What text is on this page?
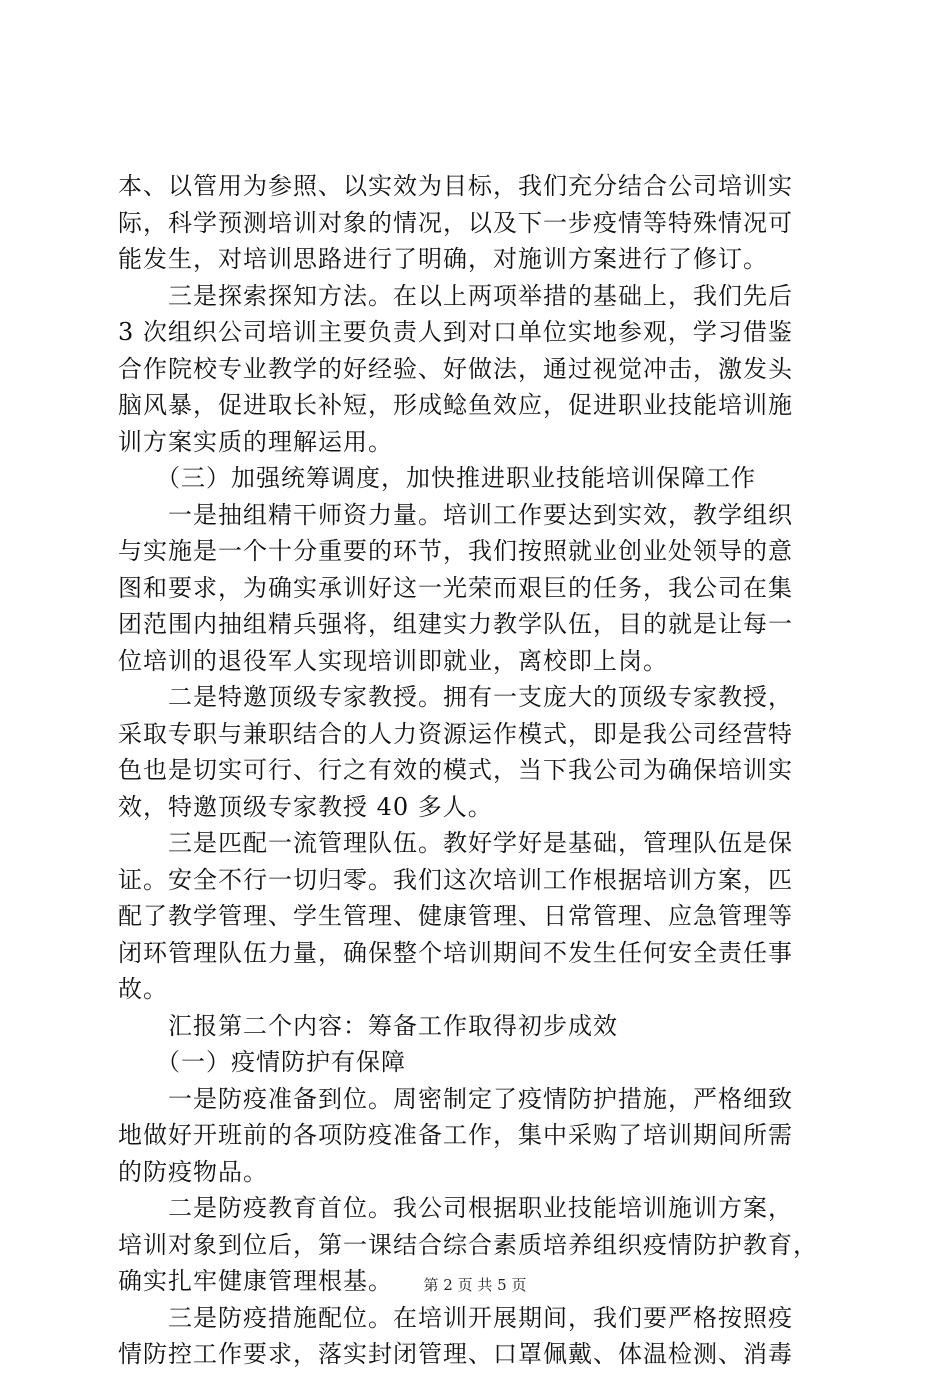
本、以管用为参照、以实效为目标，我们充分结合公司培训实
际，科学预测培训对象的情况，以及下一步疫情等特殊情况可
能发生，对培训思路进行了明确，对施训方案进行了修订。
　　三是探索探知方法。在以上两项举措的基础上，我们先后
3 次组织公司培训主要负责人到对口单位实地参观，学习借鉴
合作院校专业教学的好经验、好做法，通过视觉冲击，激发头
脑风暴，促进取长补短，形成鲶鱼效应，促进职业技能培训施
训方案实质的理解运用。
　　（三）加强统筹调度，加快推进职业技能培训保障工作
　　一是抽组精干师资力量。培训工作要达到实效，教学组织
与实施是一个十分重要的环节，我们按照就业创业处领导的意
图和要求，为确实承训好这一光荣而艰巨的任务，我公司在集
团范围内抽组精兵强将，组建实力教学队伍，目的就是让每一
位培训的退役军人实现培训即就业，离校即上岗。
　　二是特邀顶级专家教授。拥有一支庞大的顶级专家教授，
采取专职与兼职结合的人力资源运作模式，即是我公司经营特
色也是切实可行、行之有效的模式，当下我公司为确保培训实
效，特邀顶级专家教授 40 多人。
　　三是匹配一流管理队伍。教好学好是基础，管理队伍是保
证。安全不行一切归零。我们这次培训工作根据培训方案，匹
配了教学管理、学生管理、健康管理、日常管理、应急管理等
闭环管理队伍力量，确保整个培训期间不发生任何安全责任事
故。
　　汇报第二个内容：筹备工作取得初步成效
　　（一）疫情防护有保障
　　一是防疫准备到位。周密制定了疫情防护措施，严格细致
地做好开班前的各项防疫准备工作，集中采购了培训期间所需
的防疫物品。
　　二是防疫教育首位。我公司根据职业技能培训施训方案，
培训对象到位后，第一课结合综合素质培养组织疫情防护教育，
确实扎牢健康管理根基。
　　三是防疫措施配位。在培训开展期间，我们要严格按照疫
情防控工作要求，落实封闭管理、口罩佩戴、体温检测、消毒
第 2 页 共 5 页
